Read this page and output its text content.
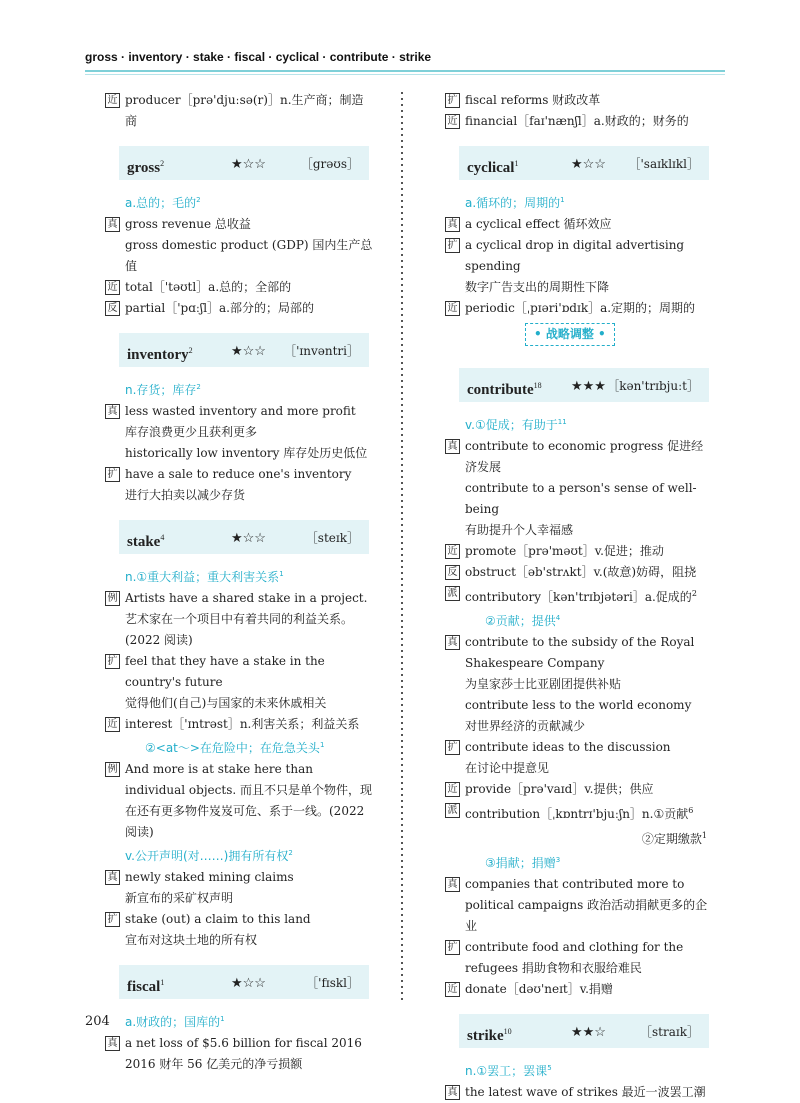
gross · inventory · stake · fiscal · cyclical · contribute · strike
近 producer［prə'djuːsə(r)］n.生产商；制造商
gross$^2$	★☆☆	［grəʊs］
a.总的；毛的$^2$
真 gross revenue 总收益
gross domestic product (GDP) 国内生产总值
近 total［'təʊtl］a.总的；全部的
反 partial［'pɑːʃl］a.部分的；局部的
inventory$^2$	★☆☆ ［'ɪnvəntri］
n.存货；库存$^2$
真 less wasted inventory and more profit
库存浪费更少且获利更多
historically low inventory 库存处历史低位
扩 have a sale to reduce one's inventory
进行大拍卖以减少存货
stake$^4$	★☆☆	［steɪk］
n.①重大利益；重大利害关系$^1$
例 Artists have a shared stake in a project. 艺术家在一个项目中有着共同的利益关系。(2022 阅读)
扩 feel that they have a stake in the country's future
觉得他们(自己)与国家的未来休戚相关
近 interest［'ɪntrəst］n.利害关系；利益关系
②<at～>在危险中；在危急关头$^1$
例 And more is at stake here than individual objects. 而且不只是单个物件，现在还有更多物件岌岌可危、系于一线。(2022 阅读)
v.公开声明(对……)拥有所有权$^2$
真 newly staked mining claims
新宣布的采矿权声明
扩 stake (out) a claim to this land
宣布对这块土地的所有权
fiscal$^1$	★☆☆	［'fɪskl］
a.财政的；国库的$^1$
真 a net loss of $5.6 billion for fiscal 2016
2016 财年 56 亿美元的净亏损额
扩 fiscal reforms 财政改革
近 financial［faɪ'nænʃl］a.财政的；财务的
cyclical$^1$	★☆☆ ［'saɪklɪkl］
a.循环的；周期的$^1$
真 a cyclical effect 循环效应
扩 a cyclical drop in digital advertising spending
数字广告支出的周期性下降
近 periodic［ˌpɪəri'ɒdɪk］a.定期的；周期的
• 战略调整 •
contribute$^{18}$ ★★★ ［kən'trɪbjuːt］
v.①促成；有助于$^{11}$
真 contribute to economic progress 促进经济发展
contribute to a person's sense of well-being
有助提升个人幸福感
近 promote［prə'məʊt］v.促进；推动
反 obstruct［əb'strʌkt］v.(故意)妨碍，阻挠
派 contributory［kən'trɪbjətəri］a.促成的$^2$
②贡献；提供$^4$
真 contribute to the subsidy of the Royal Shakespeare Company
为皇家莎士比亚剧团提供补贴
contribute less to the world economy
对世界经济的贡献减少
扩 contribute ideas to the discussion
在讨论中提意见
近 provide［prə'vaɪd］v.提供；供应
派 contribution［ˌkɒntrɪ'bjuːʃn］n.①贡献$^6$
②定期缴款$^1$
③捐献；捐赠$^3$
真 companies that contributed more to political campaigns 政治活动捐献更多的企业
扩 contribute food and clothing for the refugees 捐助食物和衣服给难民
近 donate［dəʊ'neɪt］v.捐赠
strike$^{10}$	★★☆	［straɪk］
n.①罢工；罢课$^5$
真 the latest wave of strikes 最近一波罢工潮
204
